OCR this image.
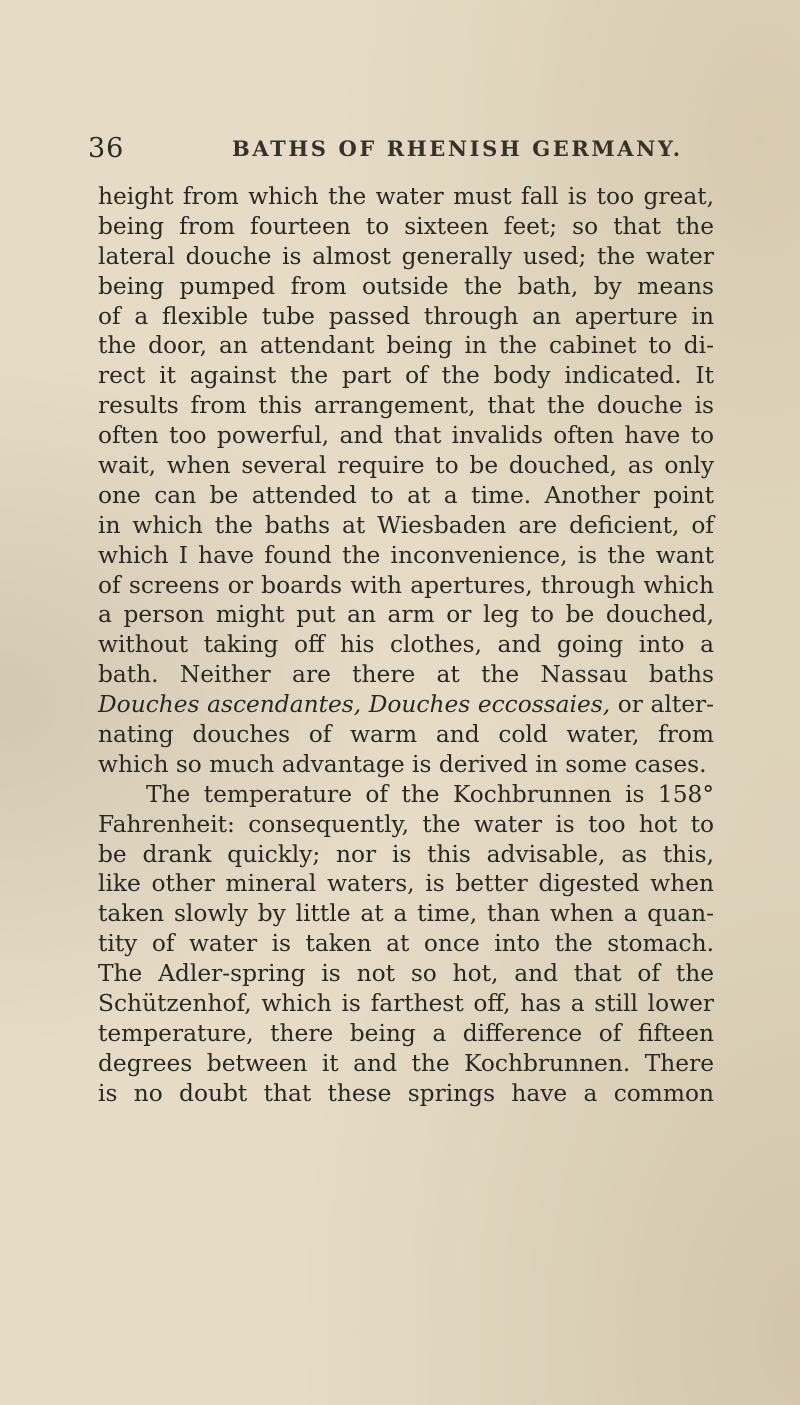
36	BATHS OF RHENISH GERMANY.
height from which the water must fall is too great,
being from fourteen to sixteen feet; so that the
lateral douche is almost generally used; the water
being pumped from outside the bath, by means
of a flexible tube passed through an aperture in
the door, an attendant being in the cabinet to di-
rect it against the part of the body indicated. It
results from this arrangement, that the douche is
often too powerful, and that invalids often have to
wait, when several require to be douched, as only
one can be attended to at a time. Another point
in which the baths at Wiesbaden are deficient, of
which I have found the inconvenience, is the want
of screens or boards with apertures, through which
a person might put an arm or leg to be douched,
without taking off his clothes, and going into a
bath. Neither are there at the Nassau baths
Douches ascendantes, Douches eccossaies, or alter-
nating douches of warm and cold water, from
which so much advantage is derived in some cases.
The temperature of the Kochbrunnen is 158°
Fahrenheit: consequently, the water is too hot to
be drank quickly; nor is this advisable, as this,
like other mineral waters, is better digested when
taken slowly by little at a time, than when a quan-
tity of water is taken at once into the stomach.
The Adler-spring is not so hot, and that of the
Schützenhof, which is farthest off, has a still lower
temperature, there being a difference of fifteen
degrees between it and the Kochbrunnen. There
is no doubt that these springs have a common
